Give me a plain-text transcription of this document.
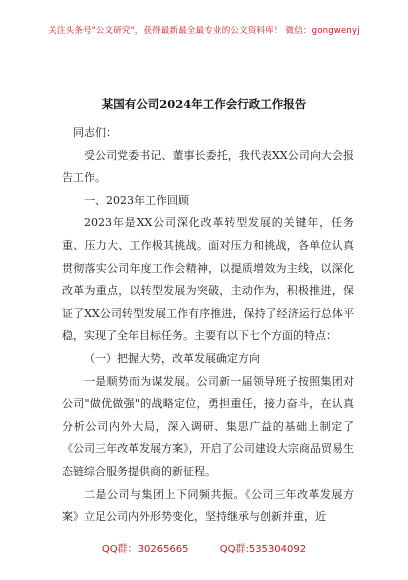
关注头条号"公文研究"，获得最新最全最专业的公文资料库！ 微信：gongwenyj
某国有公司2024年工作会行政工作报告

同志们：

受公司党委书记、董事长委托，我代表XX公司向大会报告工作。

一、2023年工作回顾

2023年是XX公司深化改革转型发展的关键年，任务重、压力大、工作极其挑战。面对压力和挑战，各单位认真贯彻落实公司年度工作会精神，以提质增效为主线，以深化改革为重点，以转型发展为突破，主动作为，积极推进，保证了XX公司转型发展工作有序推进，保持了经济运行总体平稳，实现了全年目标任务。主要有以下七个方面的特点：

（一）把握大势，改革发展确定方向

一是顺势而为谋发展。公司新一届领导班子按照集团对公司"做优做强"的战略定位，勇担重任，接力奋斗，在认真分析公司内外大局，深入调研、集思广益的基础上制定了《公司三年改革发展方案》，开启了公司建设大宗商品贸易生态链综合服务提供商的新征程。

二是公司与集团上下同频共振。《公司三年改革发展方案》立足公司内外形势变化，坚持继承与创新并重，近

QQ群：30265665	QQ群:535304092
